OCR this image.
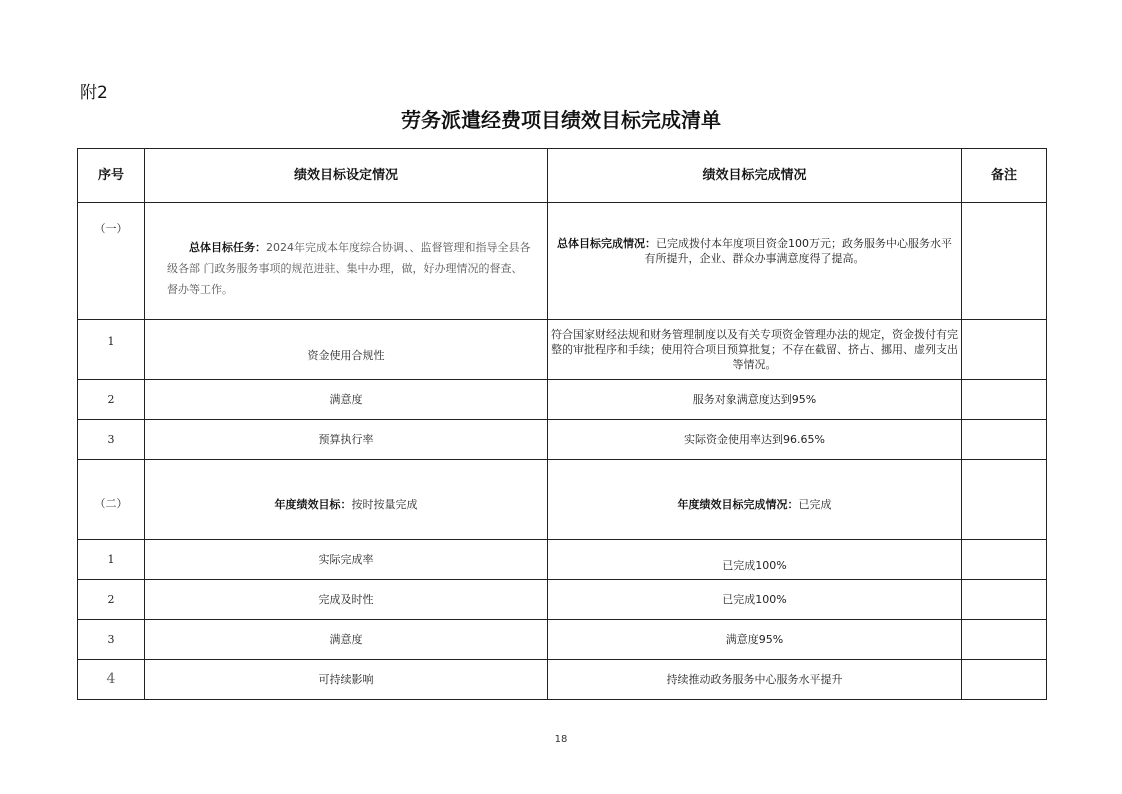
附2
劳务派遣经费项目绩效目标完成清单
序号	绩效目标设定情况	绩效目标完成情况	备注
（一）	总体目标任务：2024年完成本年度综合协调、、监督管理和指导全县各级各部 门政务服务事项的规范进驻、集中办理，做，好办理情况的督查、督办等工作。	总体目标完成情况：已完成拨付本年度项目资金100万元；政务服务中心服务水平有所提升，企业、群众办事满意度得了提高。	

1	资金使用合规性	符合国家财经法规和财务管理制度以及有关专项资金管理办法的规定，资金拨付有完整的审批程序和手续；使用符合项目预算批复；不存在截留、挤占、挪用、虚列支出等情况。	
2	满意度	服务对象满意度达到95%	
3	预算执行率	实际资金使用率达到96.65%	
（二）	年度绩效目标：按时按量完成	年度绩效目标完成情况：已完成	
1	实际完成率	已完成100%	
2	完成及时性	已完成100%	
3	满意度	满意度95%	
4	可持续影响	持续推动政务服务中心服务水平提升	
18
